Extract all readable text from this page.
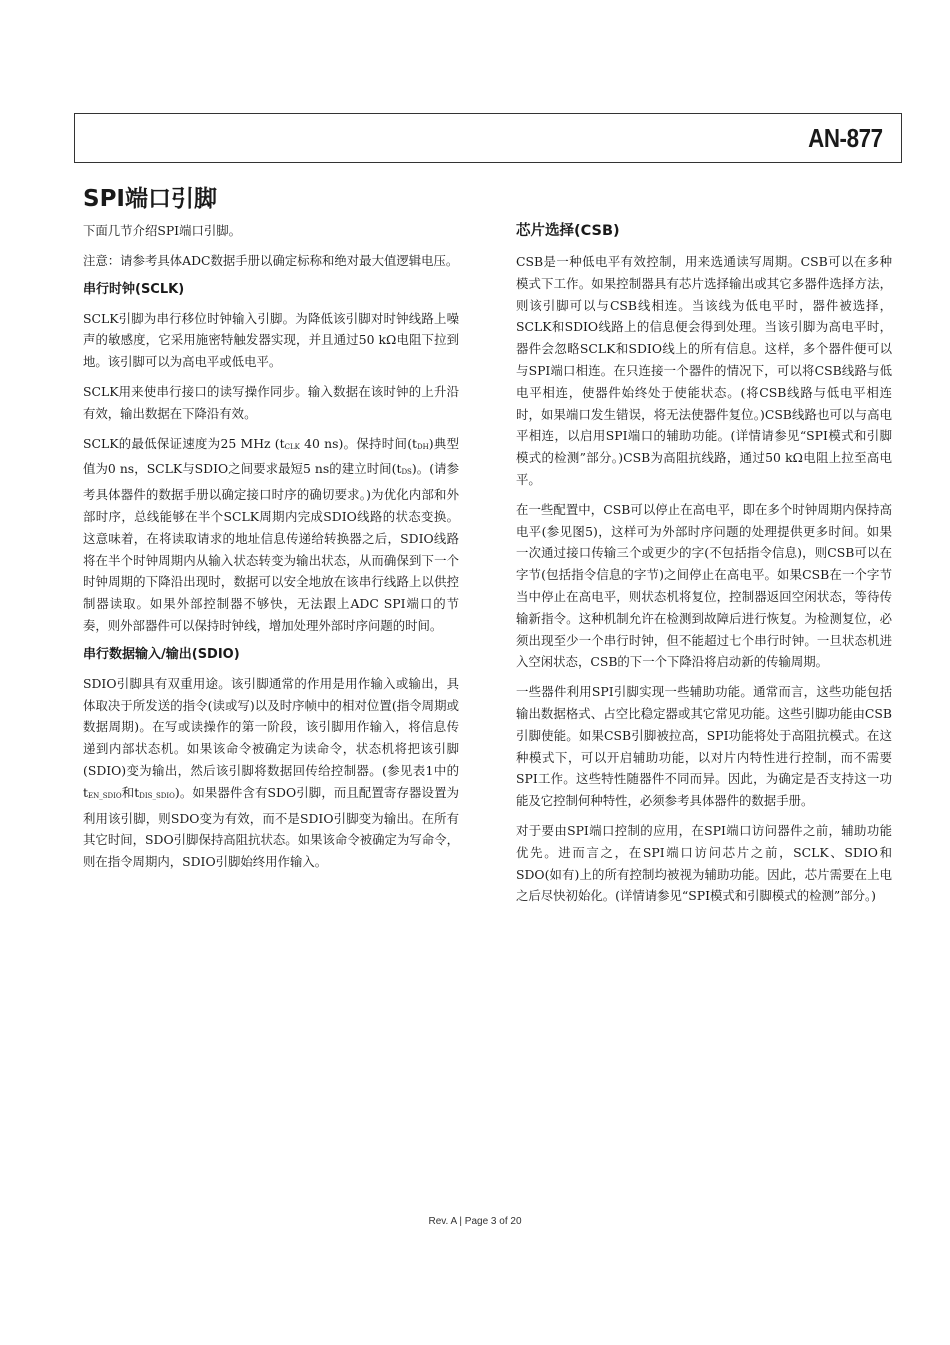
AN-877
SPI端口引脚

下面几节介绍SPI端口引脚。

注意：请参考具体ADC数据手册以确定标称和绝对最大值逻辑电压。

串行时钟(SCLK)

SCLK引脚为串行移位时钟输入引脚。为降低该引脚对时钟线路上噪声的敏感度，它采用施密特触发器实现，并且通过50 kΩ电阻下拉到地。该引脚可以为高电平或低电平。

SCLK用来使串行接口的读写操作同步。输入数据在该时钟的上升沿有效，输出数据在下降沿有效。

SCLK的最低保证速度为25 MHz (tCLK 40 ns)。保持时间(tDH)典型值为0 ns，SCLK与SDIO之间要求最短5 ns的建立时间(tDS)。(请参考具体器件的数据手册以确定接口时序的确切要求。)为优化内部和外部时序，总线能够在半个SCLK周期内完成SDIO线路的状态变换。这意味着，在将读取请求的地址信息传递给转换器之后，SDIO线路将在半个时钟周期内从输入状态转变为输出状态，从而确保到下一个时钟周期的下降沿出现时，数据可以安全地放在该串行线路上以供控制器读取。如果外部控制器不够快，无法跟上ADC SPI端口的节奏，则外部器件可以保持时钟线，增加处理外部时序问题的时间。

串行数据输入/输出(SDIO)

SDIO引脚具有双重用途。该引脚通常的作用是用作输入或输出，具体取决于所发送的指令(读或写)以及时序帧中的相对位置(指令周期或数据周期)。在写或读操作的第一阶段，该引脚用作输入，将信息传递到内部状态机。如果该命令被确定为读命令，状态机将把该引脚(SDIO)变为输出，然后该引脚将数据回传给控制器。(参见表1中的tEN_SDIO和tDIS_SDIO)。如果器件含有SDO引脚，而且配置寄存器设置为利用该引脚，则SDO变为有效，而不是SDIO引脚变为输出。在所有其它时间，SDO引脚保持高阻抗状态。如果该命令被确定为写命令，则在指令周期内，SDIO引脚始终用作输入。

芯片选择(CSB)

CSB是一种低电平有效控制，用来选通读写周期。CSB可以在多种模式下工作。如果控制器具有芯片选择输出或其它多器件选择方法，则该引脚可以与CSB线相连。当该线为低电平时，器件被选择，SCLK和SDIO线路上的信息便会得到处理。当该引脚为高电平时，器件会忽略SCLK和SDIO线上的所有信息。这样，多个器件便可以与SPI端口相连。在只连接一个器件的情况下，可以将CSB线路与低电平相连，使器件始终处于使能状态。(将CSB线路与低电平相连时，如果端口发生错误，将无法使器件复位。)CSB线路也可以与高电平相连，以启用SPI端口的辅助功能。(详情请参见“SPI模式和引脚模式的检测”部分。)CSB为高阻抗线路，通过50 kΩ电阻上拉至高电平。

在一些配置中，CSB可以停止在高电平，即在多个时钟周期内保持高电平(参见图5)，这样可为外部时序问题的处理提供更多时间。如果一次通过接口传输三个或更少的字(不包括指令信息)，则CSB可以在字节(包括指令信息的字节)之间停止在高电平。如果CSB在一个字节当中停止在高电平，则状态机将复位，控制器返回空闲状态，等待传输新指令。这种机制允许在检测到故障后进行恢复。为检测复位，必须出现至少一个串行时钟，但不能超过七个串行时钟。一旦状态机进入空闲状态，CSB的下一个下降沿将启动新的传输周期。

一些器件利用SPI引脚实现一些辅助功能。通常而言，这些功能包括输出数据格式、占空比稳定器或其它常见功能。这些引脚功能由CSB引脚使能。如果CSB引脚被拉高，SPI功能将处于高阻抗模式。在这种模式下，可以开启辅助功能，以对片内特性进行控制，而不需要SPI工作。这些特性随器件不同而异。因此，为确定是否支持这一功能及它控制何种特性，必须参考具体器件的数据手册。

对于要由SPI端口控制的应用，在SPI端口访问器件之前，辅助功能优先。进而言之，在SPI端口访问芯片之前，SCLK、SDIO和SDO(如有)上的所有控制均被视为辅助功能。因此，芯片需要在上电之后尽快初始化。(详情请参见“SPI模式和引脚模式的检测”部分。)

Rev. A | Page 3 of 20
